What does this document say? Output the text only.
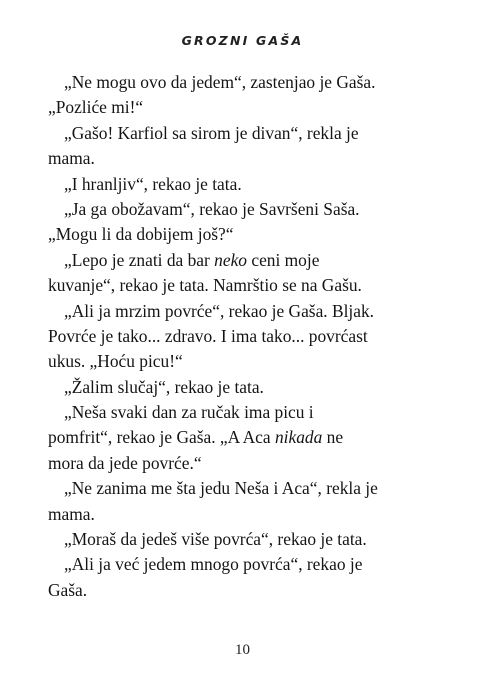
GROZNI GAŠA
„Ne mogu ovo da jedem“, zastenjao je Gaša.
„Pozliće mi!“
„Gašo! Karfiol sa sirom je divan“, rekla je
mama.
„I hranljiv“, rekao je tata.
„Ja ga obožavam“, rekao je Savršeni Saša.
„Mogu li da dobijem još?“
„Lepo je znati da bar neko ceni moje
kuvanje“, rekao je tata. Namrštio se na Gašu.
„Ali ja mrzim povrće“, rekao je Gaša. Bljak.
Povrće je tako... zdravo. I ima tako... povrćast
ukus. „Hoću picu!“
„Žalim slučaj“, rekao je tata.
„Neša svaki dan za ručak ima picu i
pomfrit“, rekao je Gaša. „A Aca nikada ne
mora da jede povrće.“
„Ne zanima me šta jedu Neša i Aca“, rekla je
mama.
„Moraš da jedeš više povrća“, rekao je tata.
„Ali ja već jedem mnogo povrća“, rekao je
Gaša.
10
